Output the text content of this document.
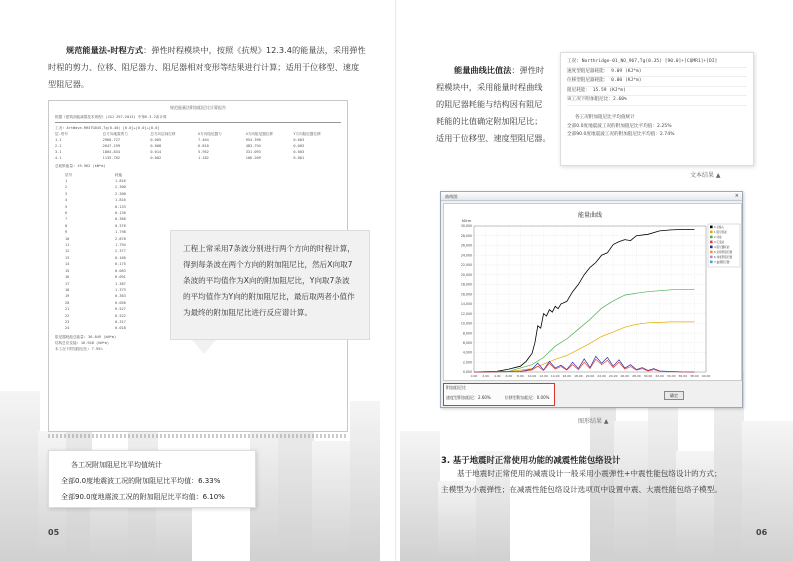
规范能量法-时程方式：弹性时程模块中，按照《抗规》12.3.4的能量法，采用弹性
时程的剪力、位移、阻尼器力、阻尼器相对变形等结果进行计算；适用于位移型、速度
型阻尼器。
规范能量法附加阻尼比计算报告
根据《建筑消能减震技术规程》(JGJ 297-2013) 中第6.3.2条计算
工况: ArtWave-RH4TG045,Tg(0.40) [0.0]+[0.0]+[0.0]
层-塔号	总方向地震剪力	总方向层间位移	X方向阻尼器力	X方向阻尼器位移	Y方向阻尼器位移
1-1	2960.727	0.005	7.464	954.390	0.003
2-1	2647.199	0.008	6.810	483.794	0.003
3-1	1804.834	0.014	5.952	331.093	0.003
4-1	1135.782	0.002	1.182	106.209	0.001
总耗散能量: 19.962 (kN*m)
层号	耗能
1	1.816
2	2.300
3	2.300
4	1.816
5	0.133
6	0.130
7	0.366
8	0.376
9	1.798
10	2.878
11	1.794
12	2.377
13	0.160
14	0.175
15	0.063
16	0.091
17	1.387
18	1.373
19	0.363
20	0.050
21	0.527
22	0.522
23	0.317
24	0.018
阻尼器耗能总能量: 36.849 (kN*m)
结构总应变能: 16.948 (kN*m)
本工况下附加阻尼比: 7.95%
工程上常采用7条波分别进行两个方向的时程计算，得到每条波在两个方向的附加阻尼比，然后X向取7条波的平均值作为X向的附加阻尼比，Y向取7条波的平均值作为Y向的附加阻尼比，最后取两者小值作为最终的附加阻尼比进行反应谱计算。
各工况附加阻尼比平均值统计
全部0.0度地震波工况的附加阻尼比平均值：6.33%
全部90.0度地震波工况的附加阻尼比平均值：6.10%
05
能量曲线比值法：弹性时
程模块中，采用能量时程曲线
的阻尼器耗能与结构因有阻尼
耗能的比值确定附加阻尼比；
适用于位移型、速度型阻尼器。
工况: Northridge-01_NO_967,Tg(0.35) [90.0]+[CQMR1]+[DI]
速度型阻尼器耗能： 9.09 (KJ*m)
位移型阻尼器耗能： 0.00 (KJ*m)
阻尼耗能： 15.59 (KJ*m)
该工况下附加阻尼比：2.60%
各工况附加阻尼比平均值统计
全部0.0度地震波工况的附加阻尼比平均值：2.25%
全部90.0度地震波工况的附加阻尼比平均值：2.74%
文本结果 ▲
曲线图	×
能量曲线
kN·m
30,000
28,000
26,000
24,000
22,000
20,000
18,000
16,000
14,000
12,000
10,000
8,000
6,000
4,000
2,000
0.000
0.00 2.00 4.00 6.00 8.00 10.00 12.00 14.00 16.00 18.00 20.00 22.00 24.00 26.00 28.00 30.00 32.00 34.00 36.00 38.00 40.00
0 总输入
1 阻尼耗能
2 动能
3 应变能
4 阻尼器耗能
5 位移型阻尼器
6 速度型阻尼器
7 黏滞阻尼器
附加阻尼比
速度型附加阻尼：2.60%	位移型附加阻尼：0.00%	确定
图形结果 ▲
3. 基于地震时正常使用功能的减震性能包络设计
基于地震时正常使用的减震设计一般采用小震弹性+中震性能包络设计的方式；
主模型为小震弹性；在减震性能包络设计选项页中设置中震、大震性能包络子模型。
06
